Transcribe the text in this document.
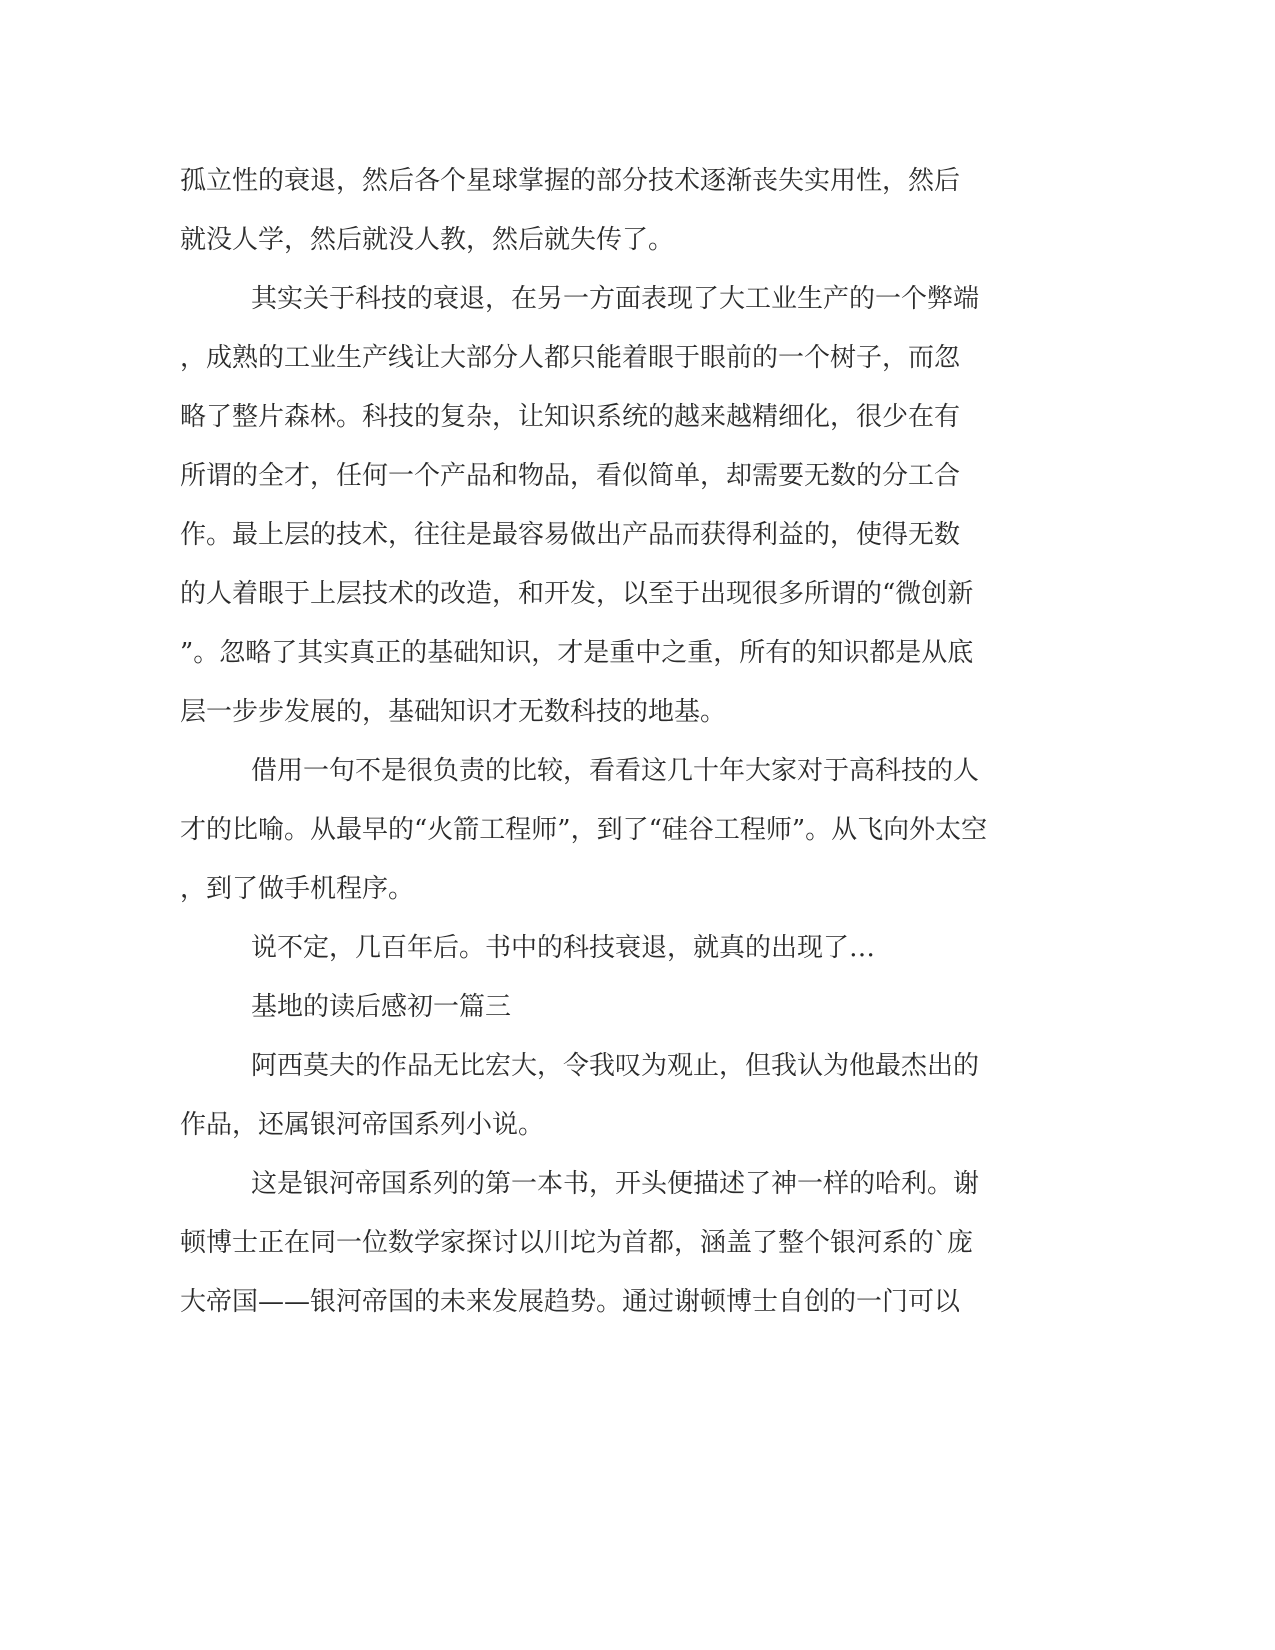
孤立性的衰退，然后各个星球掌握的部分技术逐渐丧失实用性，然后
就没人学，然后就没人教，然后就失传了。
其实关于科技的衰退，在另一方面表现了大工业生产的一个弊端
，成熟的工业生产线让大部分人都只能着眼于眼前的一个树子，而忽
略了整片森林。科技的复杂，让知识系统的越来越精细化，很少在有
所谓的全才，任何一个产品和物品，看似简单，却需要无数的分工合
作。最上层的技术，往往是最容易做出产品而获得利益的，使得无数
的人着眼于上层技术的改造，和开发，以至于出现很多所谓的“微创新
”。忽略了其实真正的基础知识，才是重中之重，所有的知识都是从底
层一步步发展的，基础知识才无数科技的地基。
借用一句不是很负责的比较，看看这几十年大家对于高科技的人
才的比喻。从最早的“火箭工程师”，到了“硅谷工程师”。从飞向外太空
，到了做手机程序。
说不定，几百年后。书中的科技衰退，就真的出现了…
基地的读后感初一篇三
阿西莫夫的作品无比宏大，令我叹为观止，但我认为他最杰出的
作品，还属银河帝国系列小说。
这是银河帝国系列的第一本书，开头便描述了神一样的哈利。谢
顿博士正在同一位数学家探讨以川坨为首都，涵盖了整个银河系的`庞
大帝国——银河帝国的未来发展趋势。通过谢顿博士自创的一门可以
